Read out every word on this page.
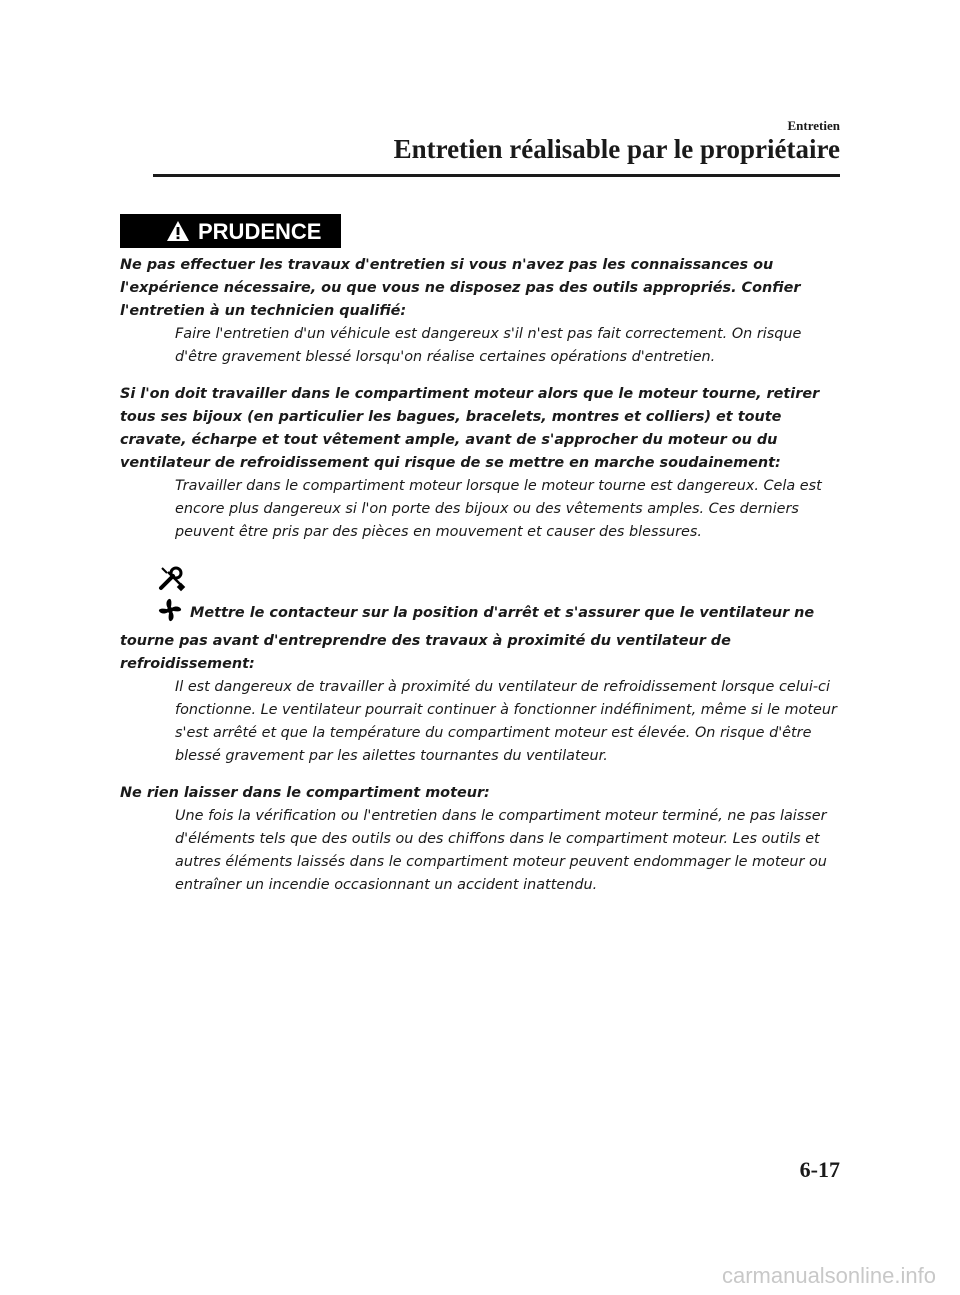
Entretien
Entretien réalisable par le propriétaire
PRUDENCE
Ne pas effectuer les travaux d'entretien si vous n'avez pas les connaissances ou l'expérience nécessaire, ou que vous ne disposez pas des outils appropriés. Confier l'entretien à un technicien qualifié:
Faire l'entretien d'un véhicule est dangereux s'il n'est pas fait correctement. On risque d'être gravement blessé lorsqu'on réalise certaines opérations d'entretien.
Si l'on doit travailler dans le compartiment moteur alors que le moteur tourne, retirer tous ses bijoux (en particulier les bagues, bracelets, montres et colliers) et toute cravate, écharpe et tout vêtement ample, avant de s'approcher du moteur ou du ventilateur de refroidissement qui risque de se mettre en marche soudainement:
Travailler dans le compartiment moteur lorsque le moteur tourne est dangereux. Cela est encore plus dangereux si l'on porte des bijoux ou des vêtements amples. Ces derniers peuvent être pris par des pièces en mouvement et causer des blessures.
Mettre le contacteur sur la position d'arrêt et s'assurer que le ventilateur ne tourne pas avant d'entreprendre des travaux à proximité du ventilateur de refroidissement:
Il est dangereux de travailler à proximité du ventilateur de refroidissement lorsque celui-ci fonctionne. Le ventilateur pourrait continuer à fonctionner indéfiniment, même si le moteur s'est arrêté et que la température du compartiment moteur est élevée. On risque d'être blessé gravement par les ailettes tournantes du ventilateur.
Ne rien laisser dans le compartiment moteur:
Une fois la vérification ou l'entretien dans le compartiment moteur terminé, ne pas laisser d'éléments tels que des outils ou des chiffons dans le compartiment moteur. Les outils et autres éléments laissés dans le compartiment moteur peuvent endommager le moteur ou entraîner un incendie occasionnant un accident inattendu.
6-17
carmanualsonline.info
